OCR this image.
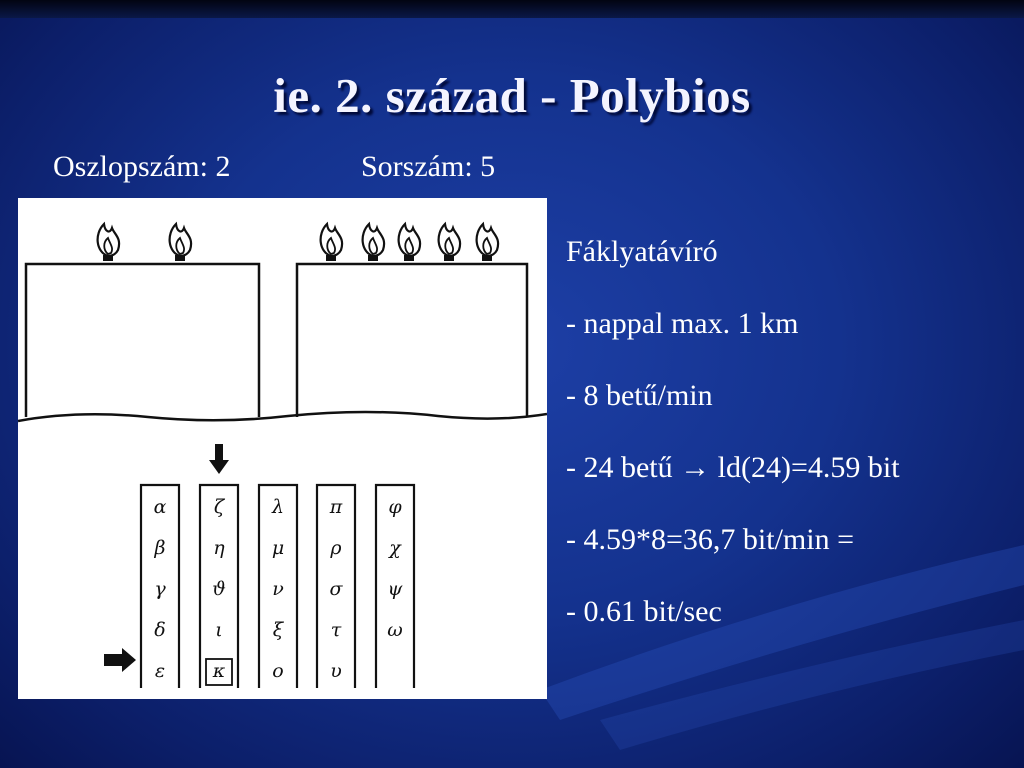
ie. 2. század - Polybios
Oszlopszám: 2	Sorszám: 5
α
β
γ
δ
ε
ζ
η
ϑ
ι
κ
λ
μ
ν
ξ
ο
π
ρ
σ
τ
υ
φ
χ
ψ
ω
Fáklyatávíró
- nappal max. 1 km
- 8 betű/min
- 24 betű → ld(24)=4.59 bit
- 4.59*8=36,7 bit/min =
- 0.61 bit/sec
